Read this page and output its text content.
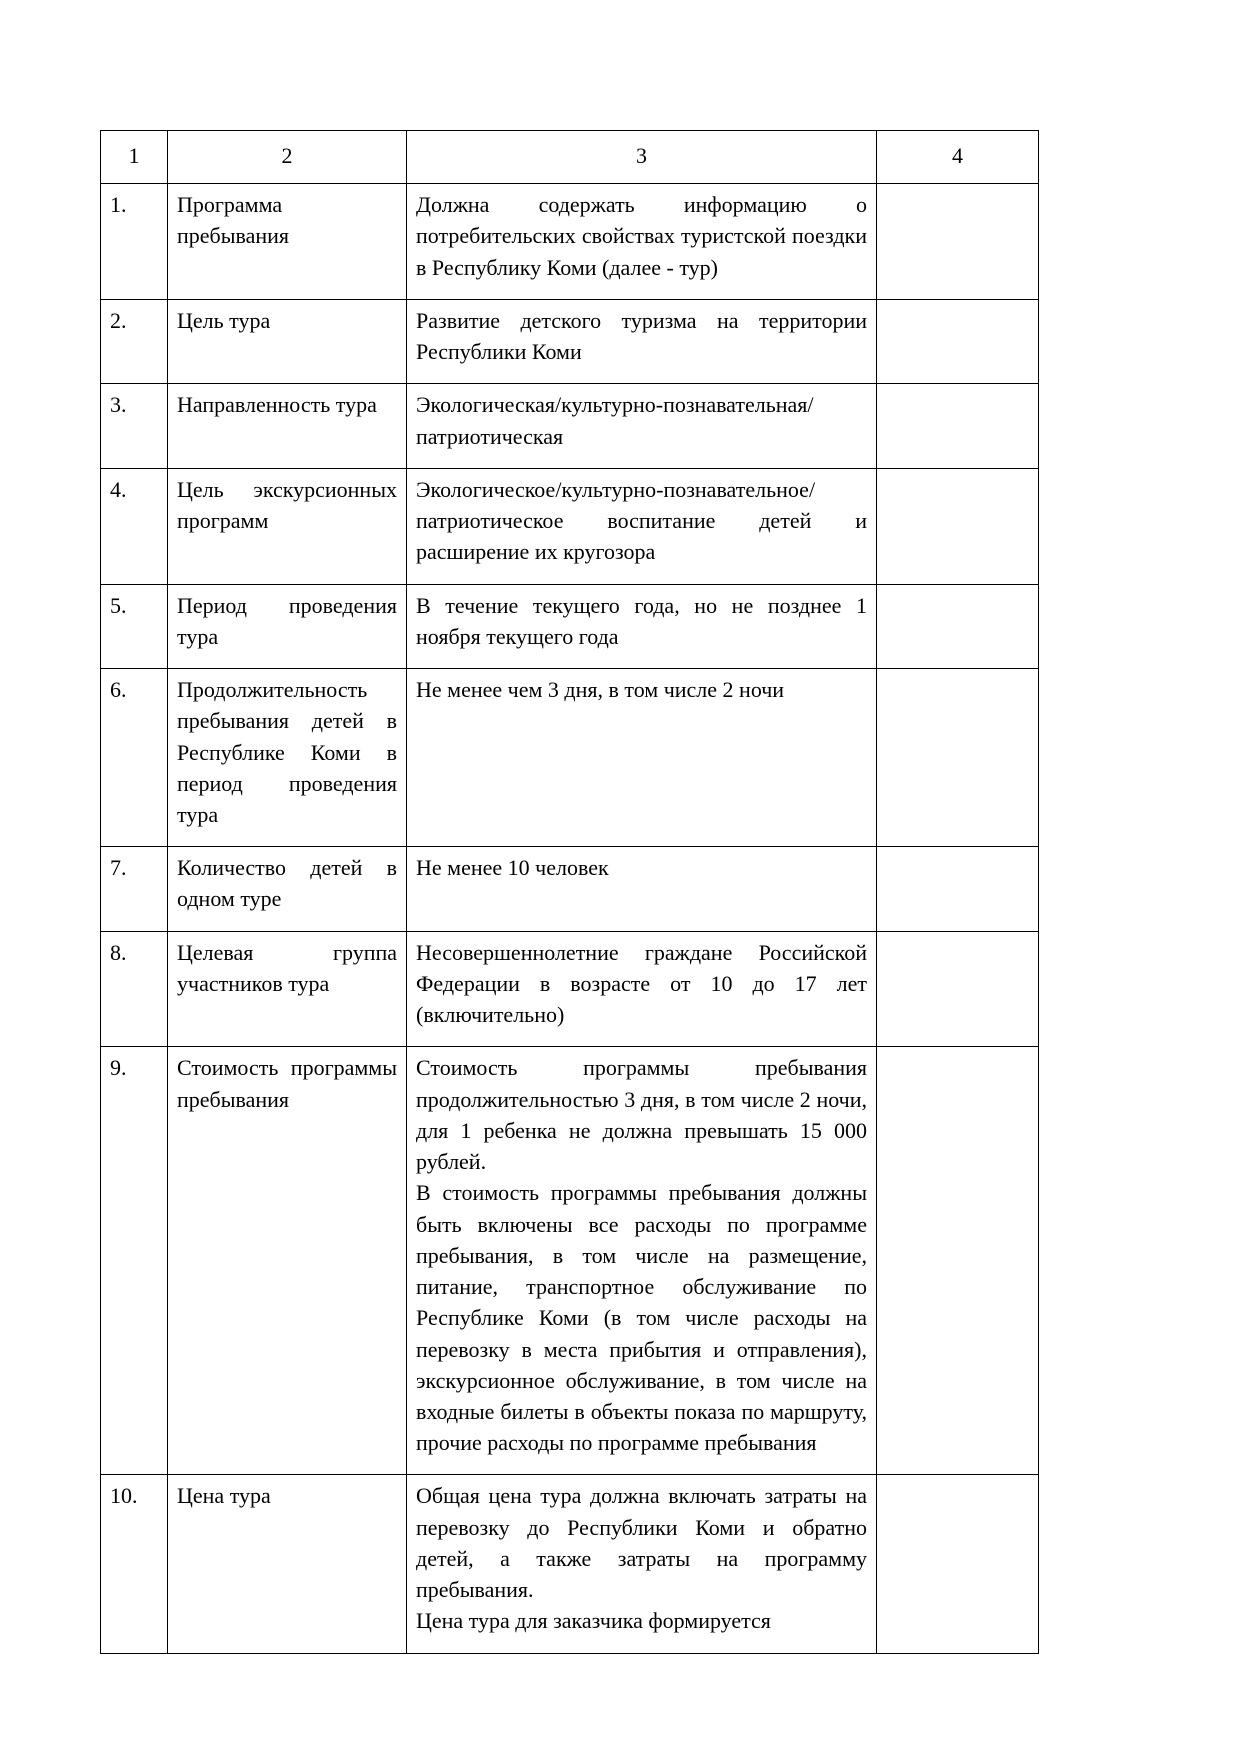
1	2	3	4
1.	Программа пребывания	Должна содержать информацию о потребительских свойствах туристской поездки в Республику Коми (далее - тур)	

2.	Цель тура	Развитие детского туризма на территории Республики Коми	

3.	Направленность тура	Экологическая/культурно-познавательная/ патриотическая	

4.	Цель экскурсионных программ	Экологическое/культурно-познавательное/ патриотическое воспитание детей и расширение их кругозора	

5.	Период проведения тура	В течение текущего года, но не позднее 1 ноября текущего года	

6.	Продолжительность пребывания детей в Республике Коми в период проведения тура	Не менее чем 3 дня, в том числе 2 ночи	

7.	Количество детей в одном туре	Не менее 10 человек	

8.	Целевая группа участников тура	Несовершеннолетние граждане Российской Федерации в возрасте от 10 до 17 лет (включительно)	

9.	Стоимость программы пребывания	Стоимость программы пребывания продолжительностью 3 дня, в том числе 2 ночи, для 1 ребенка не должна превышать 15 000 рублей.

В стоимость программы пребывания должны быть включены все расходы по программе пребывания, в том числе на размещение, питание, транспортное обслуживание по Республике Коми (в том числе расходы на перевозку в места прибытия и отправления), экскурсионное обслуживание, в том числе на входные билеты в объекты показа по маршруту, прочие расходы по программе пребывания	

10.	Цена тура	Общая цена тура должна включать затраты на перевозку до Республики Коми и обратно детей, а также затраты на программу пребывания.

Цена тура для заказчика формируется	
